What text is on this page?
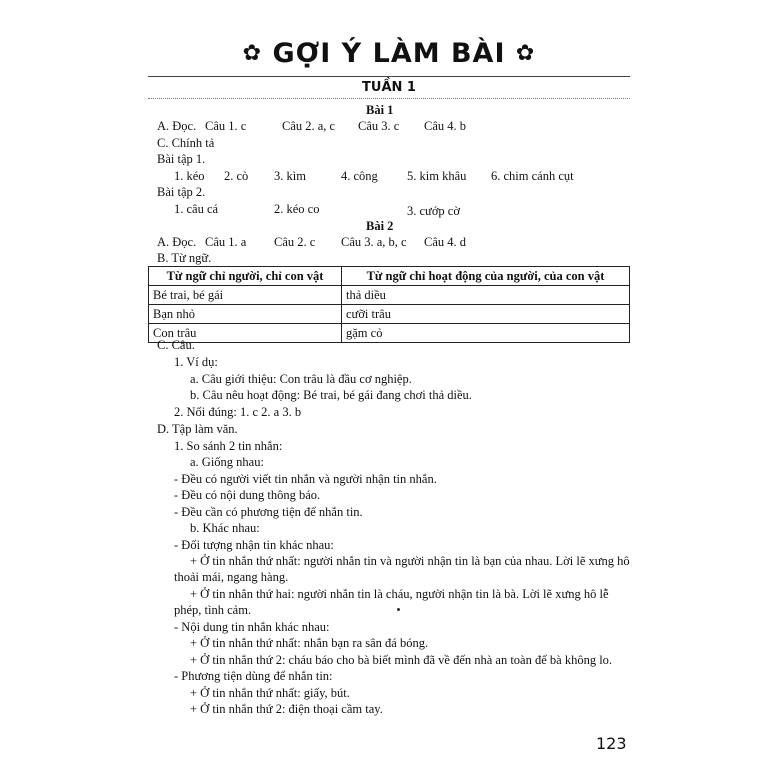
✿ GỢI Ý LÀM BÀI ✿
TUẦN 1
Bài 1
A. Đọc. Câu 1. c	Câu 2. a, c Câu 3. c Câu 4. b
C. Chính tả
Bài tập 1.
1. kéo 2. cò 3. kìm	4. công 5. kim khâu 6. chim cánh cụt
Bài tập 2.
1. câu cá	2. kéo co	3. cướp cờ
Bài 2
A. Đọc. Câu 1. a Câu 2. c Câu 3. a, b, c Câu 4. d
B. Từ ngữ.
Từ ngữ chỉ người, chỉ con vật	Từ ngữ chỉ hoạt động của người, của con vật
Bé trai, bé gái	thả diều
Bạn nhỏ	cưỡi trâu
Con trâu	gặm cỏ
C. Câu.
1. Ví dụ:
a. Câu giới thiệu: Con trâu là đầu cơ nghiệp.
b. Câu nêu hoạt động: Bé trai, bé gái đang chơi thả diều.
2. Nối đúng: 1. c 2. a 3. b
D. Tập làm văn.
1. So sánh 2 tin nhắn:
a. Giống nhau:
- Đều có người viết tin nhắn và người nhận tin nhắn.
- Đều có nội dung thông báo.
- Đều cần có phương tiện để nhắn tin.
b. Khác nhau:
- Đối tượng nhận tin khác nhau:
+ Ở tin nhắn thứ nhất: người nhắn tin và người nhận tin là bạn của nhau. Lời lẽ xưng hô
thoải mái, ngang hàng.
+ Ở tin nhắn thứ hai: người nhắn tin là cháu, người nhận tin là bà. Lời lẽ xưng hô lễ
phép, tình cảm.
- Nội dung tin nhắn khác nhau:
+ Ở tin nhắn thứ nhất: nhắn bạn ra sân đá bóng.
+ Ở tin nhắn thứ 2: cháu báo cho bà biết mình đã về đến nhà an toàn để bà không lo.
- Phương tiện dùng để nhắn tin:
+ Ở tin nhắn thứ nhất: giấy, bút.
+ Ở tin nhắn thứ 2: điện thoại cầm tay.
123
